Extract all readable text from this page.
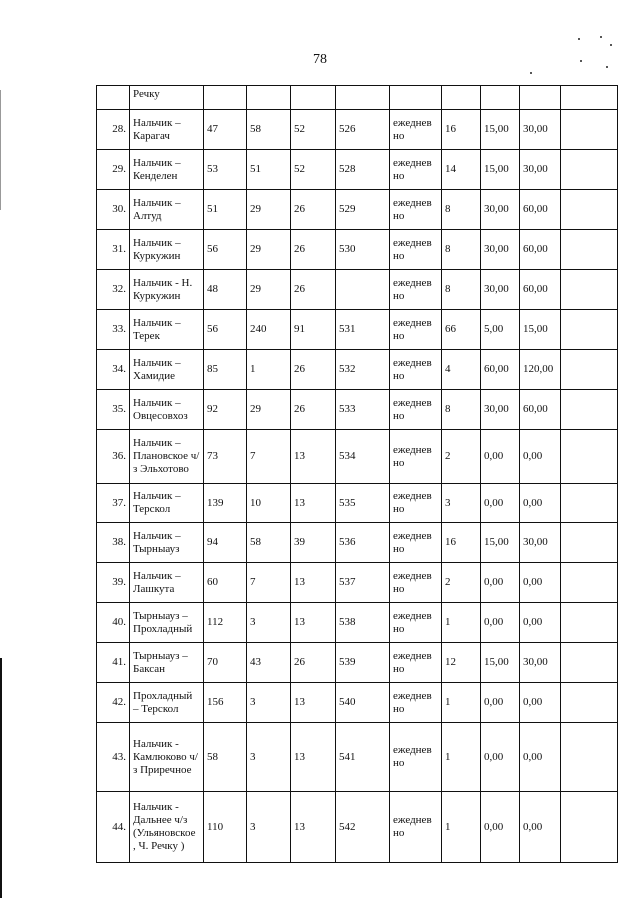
78
	Речку									
28.	Нальчик – Карагач	47	58	52	526	ежеднев но	16	15,00	30,00	
29.	Нальчик – Кенделен	53	51	52	528	ежеднев но	14	15,00	30,00	
30.	Нальчик – Алтуд	51	29	26	529	ежеднев но	8	30,00	60,00	
31.	Нальчик – Куркужин	56	29	26	530	ежеднев но	8	30,00	60,00	
32.	Нальчик - Н. Куркужин	48	29	26		ежеднев но	8	30,00	60,00	
33.	Нальчик – Терек	56	240	91	531	ежеднев но	66	5,00	15,00	
34.	Нальчик – Хамидие	85	1	26	532	ежеднев но	4	60,00	120,00	
35.	Нальчик – Овцесовхоз	92	29	26	533	ежеднев но	8	30,00	60,00	
36.	Нальчик – Плановское ч/з Эльхотово	73	7	13	534	ежеднев но	2	0,00	0,00	
37.	Нальчик – Терскол	139	10	13	535	ежеднев но	3	0,00	0,00	
38.	Нальчик – Тырныауз	94	58	39	536	ежеднев но	16	15,00	30,00	
39.	Нальчик – Лашкута	60	7	13	537	ежеднев но	2	0,00	0,00	
40.	Тырныауз – Прохладный	112	3	13	538	ежеднев но	1	0,00	0,00	
41.	Тырныауз – Баксан	70	43	26	539	ежеднев но	12	15,00	30,00	
42.	Прохладный – Терскол	156	3	13	540	ежеднев но	1	0,00	0,00	
43.	Нальчик - Камлюково ч/з Приречное	58	3	13	541	ежеднев но	1	0,00	0,00	
44.	Нальчик - Дальнее ч/з (Ульяновское , Ч. Речку )	110	3	13	542	ежеднев но	1	0,00	0,00	
